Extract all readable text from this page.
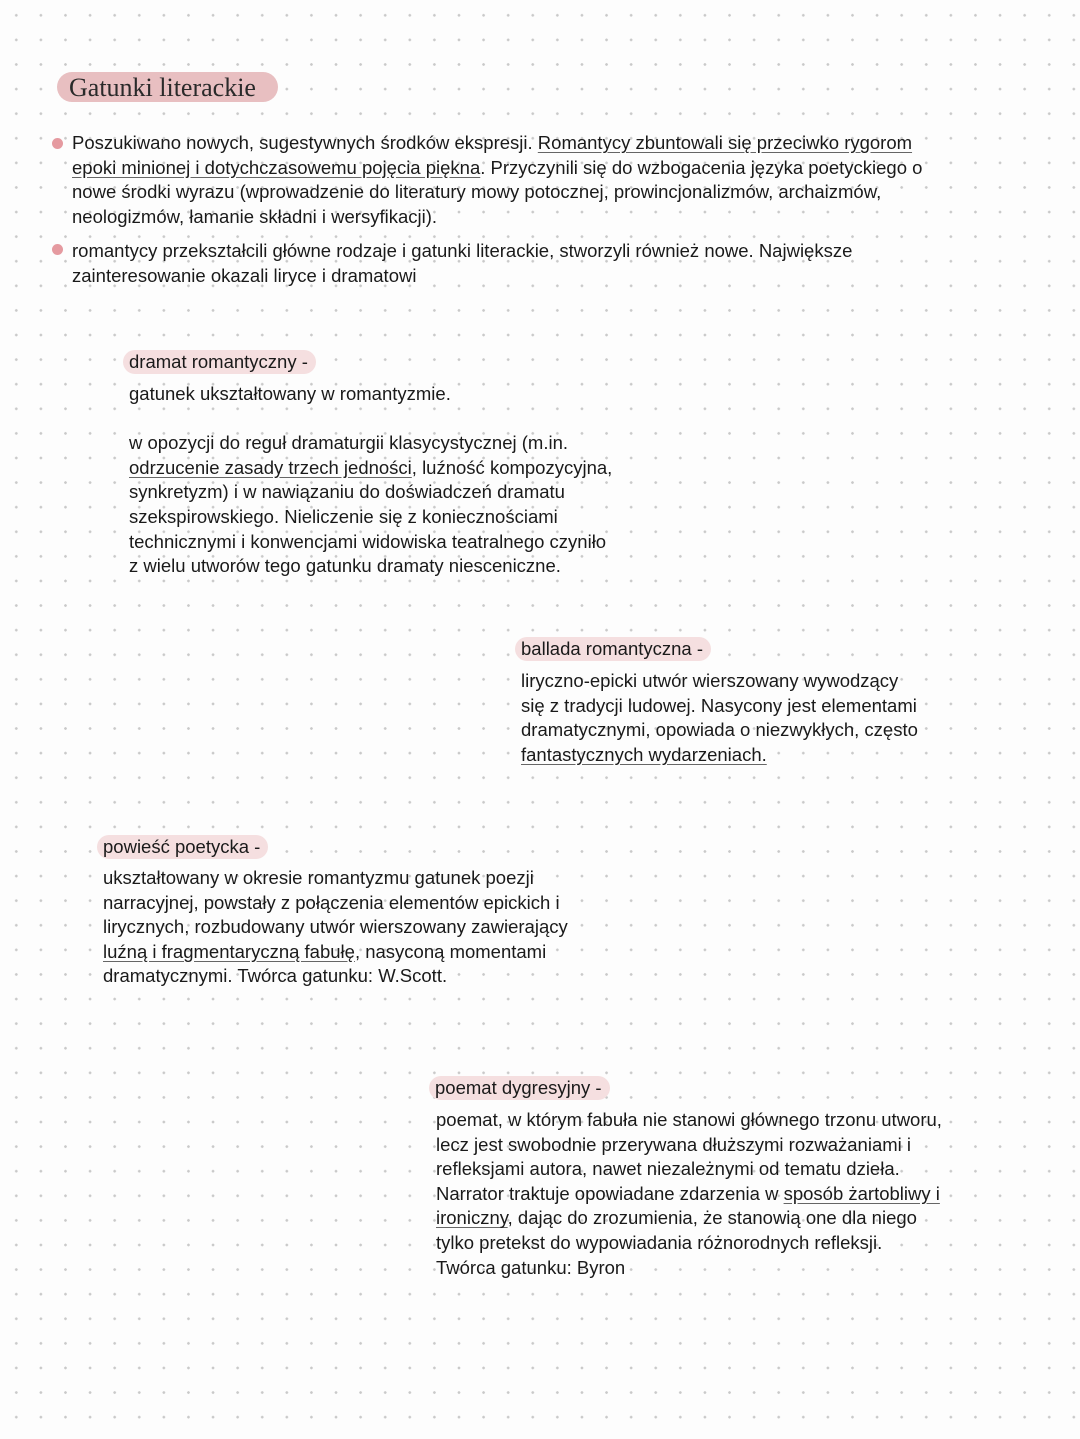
Gatunki literackie
Poszukiwano nowych, sugestywnych środków ekspresji. Romantycy zbuntowali się przeciwko rygorom
epoki minionej i dotychczasowemu pojęcia piękna. Przyczynili się do wzbogacenia języka poetyckiego o
nowe środki wyrazu (wprowadzenie do literatury mowy potocznej, prowincjonalizmów, archaizmów,
neologizmów, łamanie składni i wersyfikacji).
romantycy przekształcili główne rodzaje i gatunki literackie, stworzyli również nowe. Największe
zainteresowanie okazali liryce i dramatowi
dramat romantyczny -
gatunek ukształtowany w romantyzmie.
w opozycji do reguł dramaturgii klasycystycznej (m.in.
odrzucenie zasady trzech jedności, luźność kompozycyjna,
synkretyzm) i w nawiązaniu do doświadczeń dramatu
szekspirowskiego. Nieliczenie się z koniecznościami
technicznymi i konwencjami widowiska teatralnego czyniło
z wielu utworów tego gatunku dramaty niesceniczne.
ballada romantyczna -
liryczno-epicki utwór wierszowany wywodzący
się z tradycji ludowej. Nasycony jest elementami
dramatycznymi, opowiada o niezwykłych, często
fantastycznych wydarzeniach.
powieść poetycka -
ukształtowany w okresie romantyzmu gatunek poezji
narracyjnej, powstały z połączenia elementów epickich i
lirycznych, rozbudowany utwór wierszowany zawierający
luźną i fragmentaryczną fabułę, nasyconą momentami
dramatycznymi. Twórca gatunku: W.Scott.
poemat dygresyjny -
poemat, w którym fabuła nie stanowi głównego trzonu utworu,
lecz jest swobodnie przerywana dłuższymi rozważaniami i
refleksjami autora, nawet niezależnymi od tematu dzieła.
Narrator traktuje opowiadane zdarzenia w sposób żartobliwy i
ironiczny, dając do zrozumienia, że stanowią one dla niego
tylko pretekst do wypowiadania różnorodnych refleksji.
Twórca gatunku: Byron
